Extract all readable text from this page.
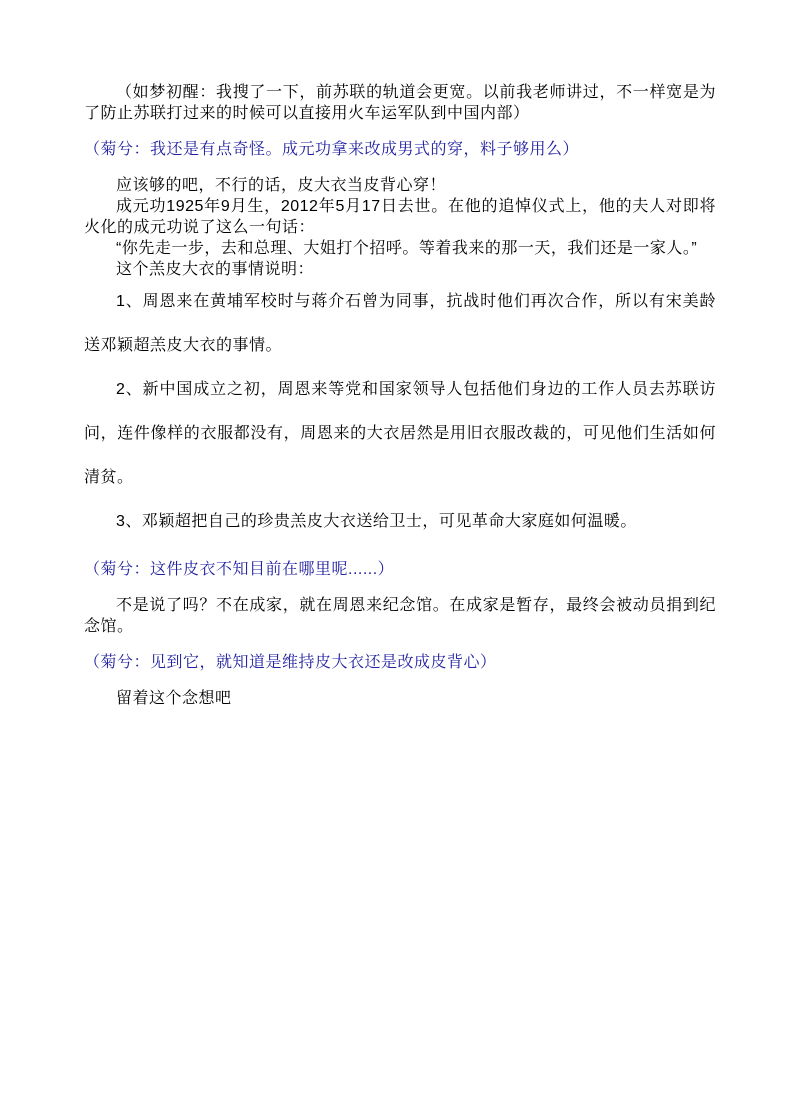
（如梦初醒：我搜了一下，前苏联的轨道会更宽。以前我老师讲过，不一样宽是为了防止苏联打过来的时候可以直接用火车运军队到中国内部）

（菊兮：我还是有点奇怪。成元功拿来改成男式的穿，料子够用么）

应该够的吧，不行的话，皮大衣当皮背心穿！

成元功1925年9月生，2012年5月17日去世。在他的追悼仪式上，他的夫人对即将火化的成元功说了这么一句话：

“你先走一步，去和总理、大姐打个招呼。等着我来的那一天，我们还是一家人。”

这个羔皮大衣的事情说明：

1、周恩来在黄埔军校时与蒋介石曾为同事，抗战时他们再次合作，所以有宋美龄送邓颖超羔皮大衣的事情。

2、新中国成立之初，周恩来等党和国家领导人包括他们身边的工作人员去苏联访问，连件像样的衣服都没有，周恩来的大衣居然是用旧衣服改裁的，可见他们生活如何清贫。

3、邓颖超把自己的珍贵羔皮大衣送给卫士，可见革命大家庭如何温暖。

（菊兮：这件皮衣不知目前在哪里呢......）

不是说了吗？不在成家，就在周恩来纪念馆。在成家是暂存，最终会被动员捐到纪念馆。

（菊兮：见到它，就知道是维持皮大衣还是改成皮背心）

留着这个念想吧
